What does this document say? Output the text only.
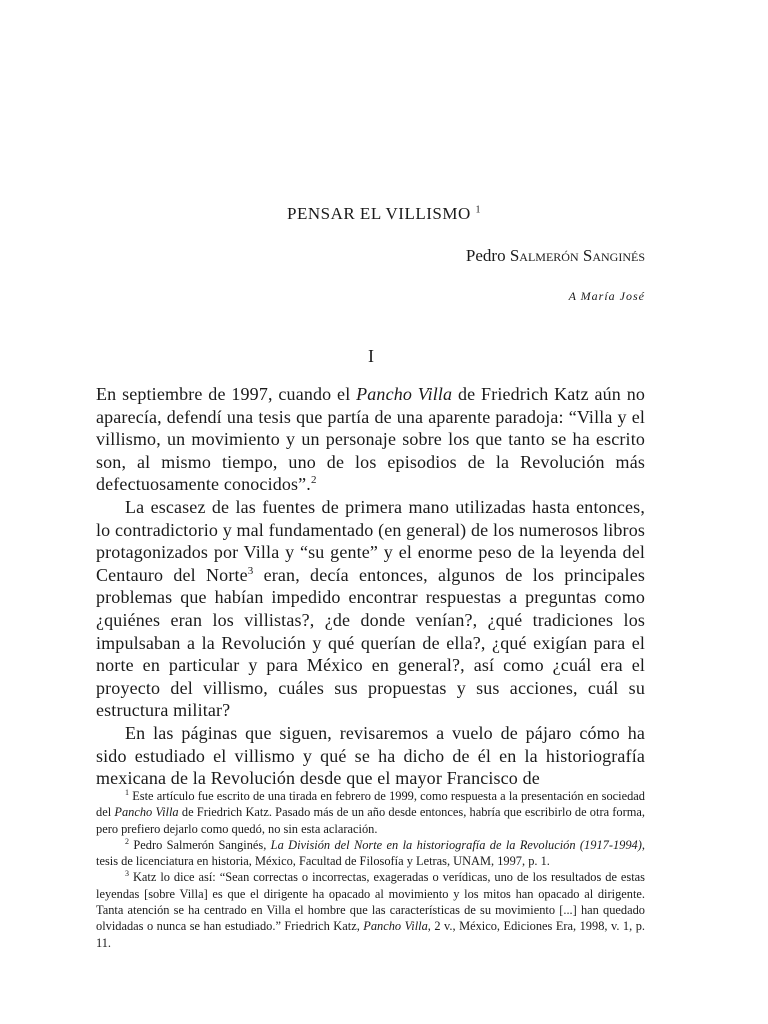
PENSAR EL VILLISMO $^1$
Pedro Salmerón Sanginés
A María José
I

En septiembre de 1997, cuando el Pancho Villa de Friedrich Katz aún no aparecía, defendí una tesis que partía de una aparente paradoja: “Villa y el villismo, un movimiento y un personaje sobre los que tanto se ha escrito son, al mismo tiempo, uno de los episodios de la Revolución más defectuosamente conocidos”.$^2$

La escasez de las fuentes de primera mano utilizadas hasta entonces, lo contradictorio y mal fundamentado (en general) de los numerosos libros protagonizados por Villa y “su gente” y el enorme peso de la leyenda del Centauro del Norte$^3$ eran, decía entonces, algunos de los principales problemas que habían impedido encontrar respuestas a preguntas como ¿quiénes eran los villistas?, ¿de donde venían?, ¿qué tradiciones los impulsaban a la Revolución y qué querían de ella?, ¿qué exigían para el norte en particular y para México en general?, así como ¿cuál era el proyecto del villismo, cuáles sus propuestas y sus acciones, cuál su estructura militar?

En las páginas que siguen, revisaremos a vuelo de pájaro cómo ha sido estudiado el villismo y qué se ha dicho de él en la historiografía mexicana de la Revolución desde que el mayor Francisco de

$^1$ Este artículo fue escrito de una tirada en febrero de 1999, como respuesta a la presentación en sociedad del Pancho Villa de Friedrich Katz. Pasado más de un año desde entonces, habría que escribirlo de otra forma, pero prefiero dejarlo como quedó, no sin esta aclaración.

$^2$ Pedro Salmerón Sanginés, La División del Norte en la historiografía de la Revolución (1917-1994), tesis de licenciatura en historia, México, Facultad de Filosofía y Letras, UNAM, 1997, p. 1.

$^3$ Katz lo dice así: “Sean correctas o incorrectas, exageradas o verídicas, uno de los resultados de estas leyendas [sobre Villa] es que el dirigente ha opacado al movimiento y los mitos han opacado al dirigente. Tanta atención se ha centrado en Villa el hombre que las características de su movimiento [...] han quedado olvidadas o nunca se han estudiado.” Friedrich Katz, Pancho Villa, 2 v., México, Ediciones Era, 1998, v. 1, p. 11.
